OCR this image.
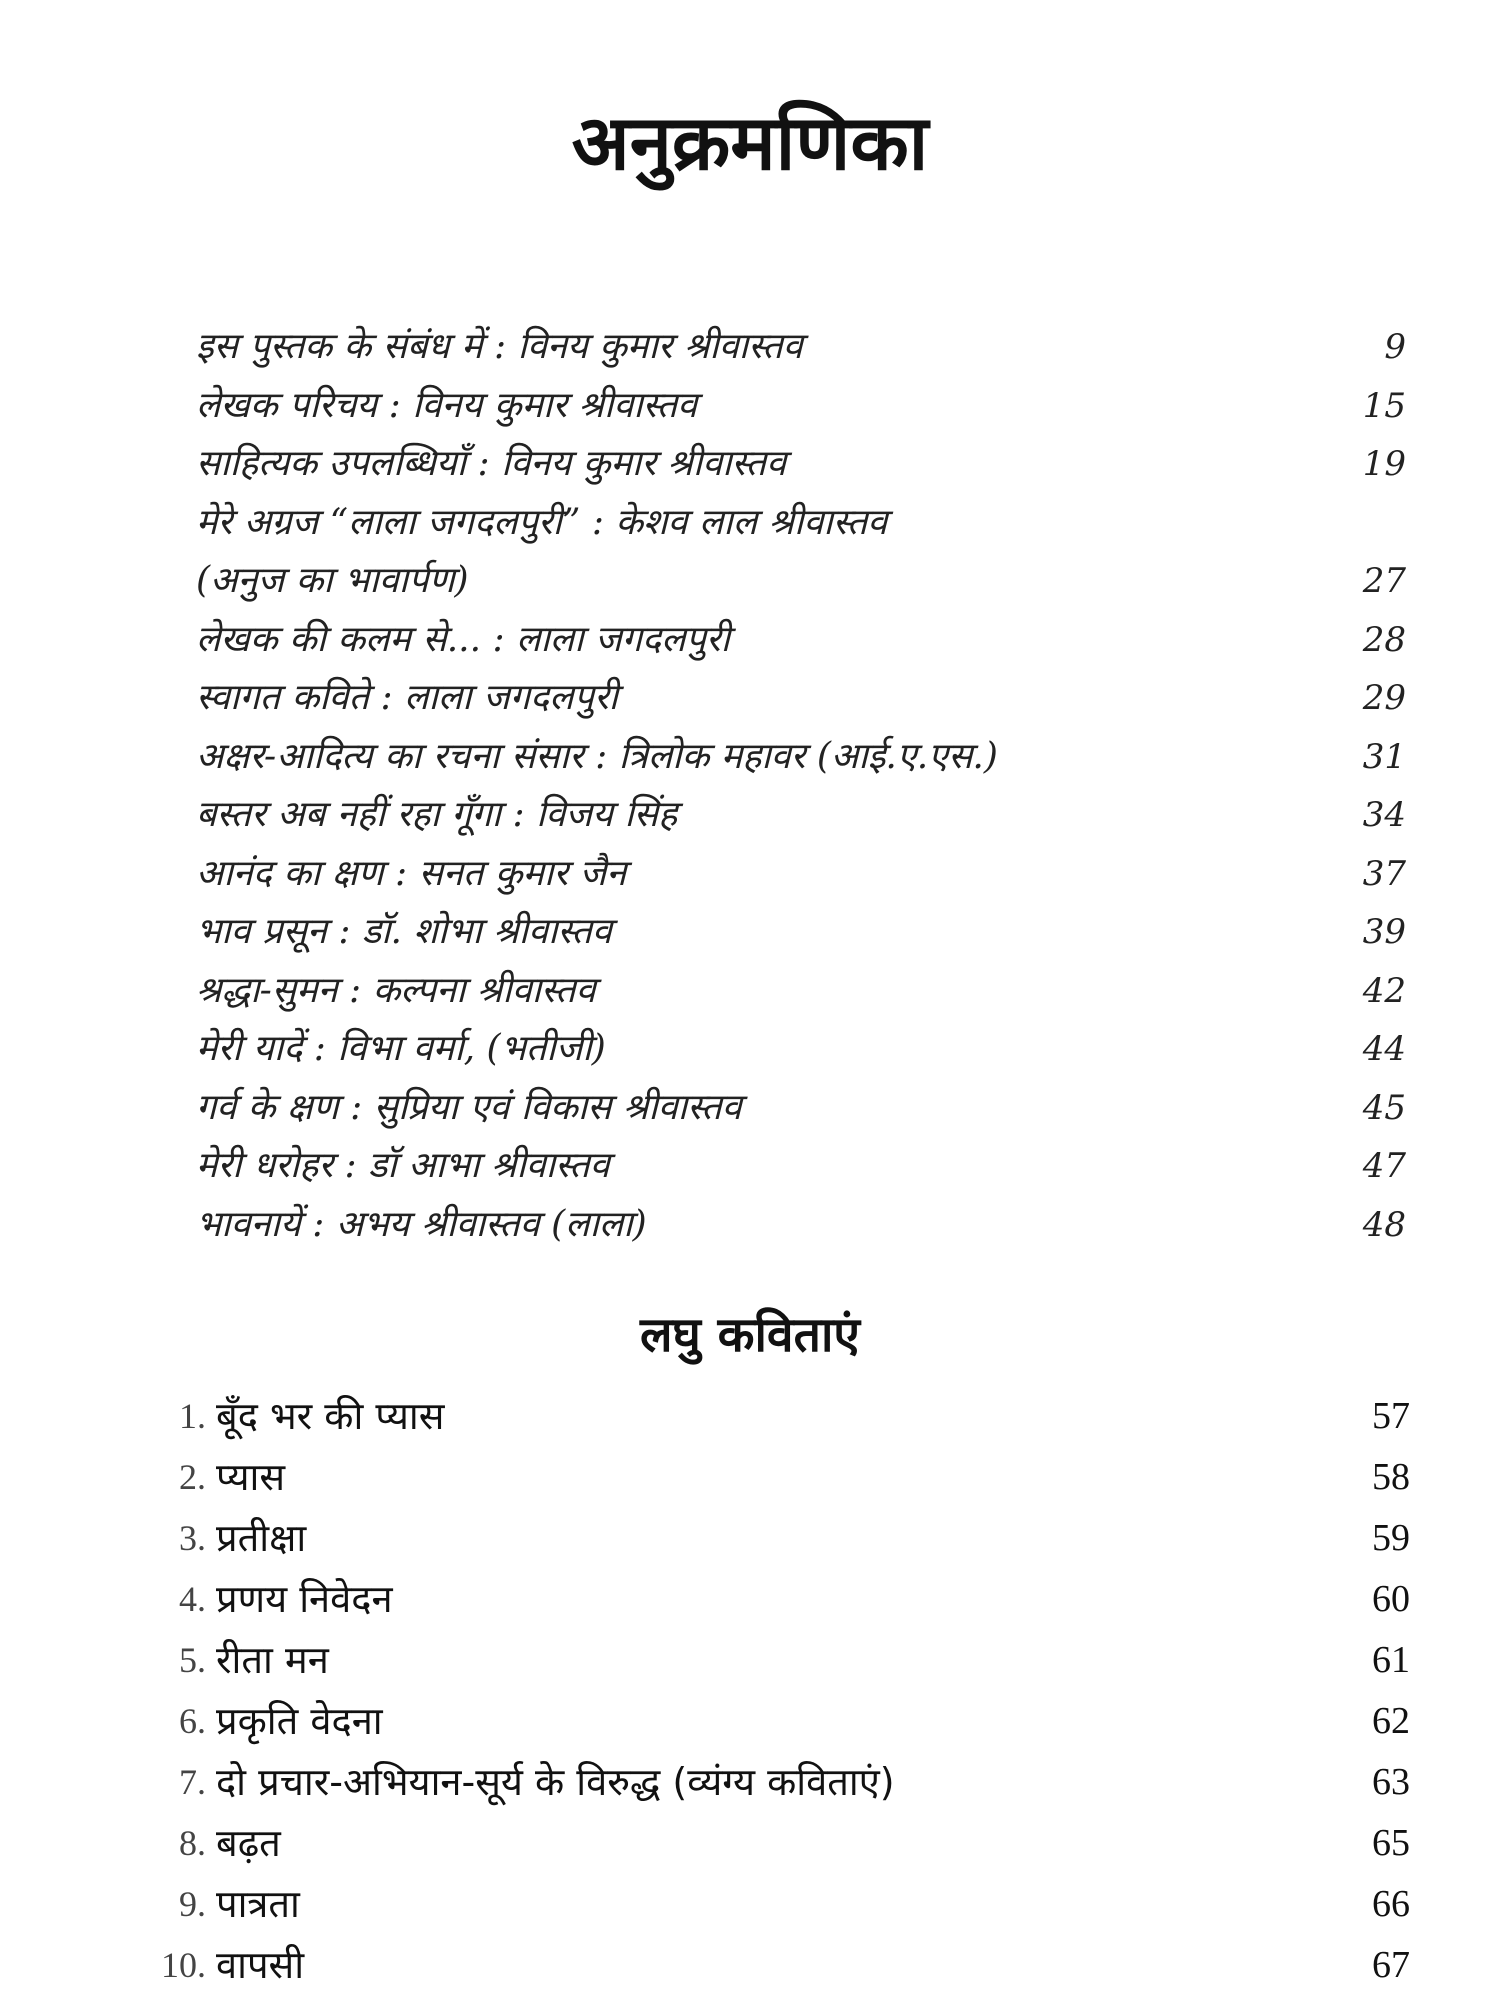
अनुक्रमणिका
इस पुस्तक के संबंध में : विनय कुमार श्रीवास्तव	9
लेखक परिचय : विनय कुमार श्रीवास्तव	15
साहित्यक उपलब्धियाँ : विनय कुमार श्रीवास्तव	19
मेरे अग्रज “लाला जगदलपुरी” : केशव लाल श्रीवास्तव
(अनुज का भावार्पण)	27
लेखक की कलम से... : लाला जगदलपुरी	28
स्वागत कविते : लाला जगदलपुरी	29
अक्षर-आदित्य का रचना संसार : त्रिलोक महावर (आई.ए.एस.)	31
बस्तर अब नहीं रहा गूँगा : विजय सिंह	34
आनंद का क्षण : सनत कुमार जैन	37
भाव प्रसून : डॉ. शोभा श्रीवास्तव	39
श्रद्धा-सुमन : कल्पना श्रीवास्तव	42
मेरी यादें : विभा वर्मा, (भतीजी)	44
गर्व के क्षण : सुप्रिया एवं विकास श्रीवास्तव	45
मेरी धरोहर : डॉ आभा श्रीवास्तव	47
भावनायें : अभय श्रीवास्तव (लाला)	48
लघु कविताएं
1. बूँद भर की प्यास	57
2. प्यास	58
3. प्रतीक्षा	59
4. प्रणय निवेदन	60
5. रीता मन	61
6. प्रकृति वेदना	62
7. दो प्रचार-अभियान-सूर्य के विरुद्ध (व्यंग्य कविताएं)	63
8. बढ़त	65
9. पात्रता	66
10. वापसी	67
